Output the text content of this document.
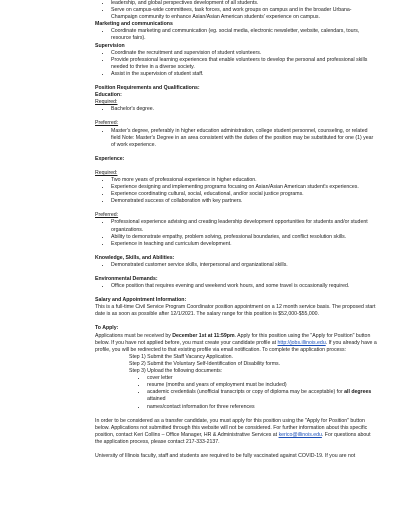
• leadership, and global perspectives development of all students.
• Serve on campus-wide committees, task forces, and work groups on campus and in the broader Urbana-Champaign community to enhance Asian/Asian American students' experience on campus.
Marketing and communications
• Coordinate marketing and communication (eg. social media, electronic newsletter, website, calendars, tours, resource fairs).
Supervision
• Coordinate the recruitment and supervision of student volunteers.
• Provide professional learning experiences that enable volunteers to develop the personal and professional skills needed to thrive in a diverse society.
• Assist in the supervision of student staff.
Position Requirements and Qualifications:
Education:
Required:
• Bachelor's degree.
Preferred:
• Master's degree, preferably in higher education administration, college student personnel, counseling, or related field Note: Master's Degree in an area consistent with the duties of the position may be substituted for one (1) year of work experience.
Experience:
Required:
• Two more years of professional experience in higher education.
• Experience designing and implementing programs focusing on Asian/Asian American student's experiences.
• Experience coordinating cultural, social, educational, and/or social justice programs.
• Demonstrated success of collaboration with key partners.
Preferred:
• Professional experience advising and creating leadership development opportunities for students and/or student organizations.
• Ability to demonstrate empathy, problem solving, professional boundaries, and conflict resolution skills.
• Experience in teaching and curriculum development.
Knowledge, Skills, and Abilities:
• Demonstrated customer service skills, interpersonal and organizational skills.
Environmental Demands:
• Office position that requires evening and weekend work hours, and some travel is occasionally required.
Salary and Appointment Information:
This is a full-time Civil Service Program Coordinator position appointment on a 12 month service basis. The proposed start date is as soon as possible after 12/1/2021. The salary range for this position is $52,000-$55,000.
To Apply:
Applications must be received by December 1st at 11:59pm. Apply for this position using the "Apply for Position" button below. If you have not applied before, you must create your candidate profile at http://jobs.illinois.edu. If you already have a profile, you will be redirected to that existing profile via email notification. To complete the application process:
Step 1) Submit the Staff Vacancy Application.
Step 2) Submit the Voluntary Self-Identification of Disability forms.
Step 3) Upload the following documents:
• cover letter
• resume (months and years of employment must be included)
• academic credentials (unofficial transcripts or copy of diploma may be acceptable) for all degrees attained
• names/contact information for three references
In order to be considered as a transfer candidate, you must apply for this position using the "Apply for Position" button below. Applications not submitted through this website will not be considered. For further information about this specific position, contact Keri Collins – Office Manager, HR & Administrative Services at kerico@illinois.edu. For questions about the application process, please contact 217-333-2137.
University of Illinois faculty, staff and students are required to be fully vaccinated against COVID-19. If you are not
